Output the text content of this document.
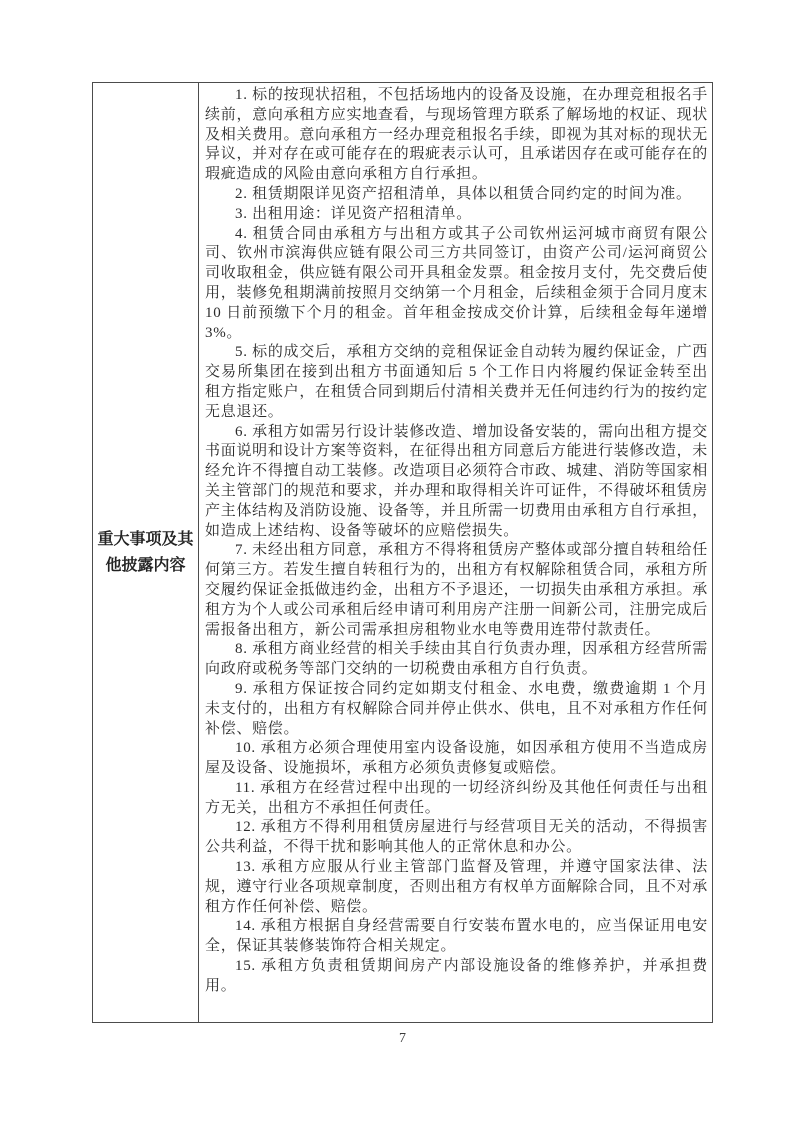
重大事项及其他披露内容

1. 标的按现状招租，不包括场地内的设备及设施，在办理竞租报名手续前，意向承租方应实地查看，与现场管理方联系了解场地的权证、现状及相关费用。意向承租方一经办理竞租报名手续，即视为其对标的现状无异议，并对存在或可能存在的瑕疵表示认可，且承诺因存在或可能存在的瑕疵造成的风险由意向承租方自行承担。

2. 租赁期限详见资产招租清单，具体以租赁合同约定的时间为准。

3. 出租用途：详见资产招租清单。

4. 租赁合同由承租方与出租方或其子公司钦州运河城市商贸有限公司、钦州市滨海供应链有限公司三方共同签订，由资产公司/运河商贸公司收取租金，供应链有限公司开具租金发票。租金按月支付，先交费后使用，装修免租期满前按照月交纳第一个月租金，后续租金须于合同月度末 10 日前预缴下个月的租金。首年租金按成交价计算，后续租金每年递增 3%。

5. 标的成交后，承租方交纳的竞租保证金自动转为履约保证金，广西交易所集团在接到出租方书面通知后 5 个工作日内将履约保证金转至出租方指定账户，在租赁合同到期后付清相关费并无任何违约行为的按约定无息退还。

6. 承租方如需另行设计装修改造、增加设备安装的，需向出租方提交书面说明和设计方案等资料，在征得出租方同意后方能进行装修改造，未经允许不得擅自动工装修。改造项目必须符合市政、城建、消防等国家相关主管部门的规范和要求，并办理和取得相关许可证件，不得破坏租赁房产主体结构及消防设施、设备等，并且所需一切费用由承租方自行承担，如造成上述结构、设备等破坏的应赔偿损失。

7. 未经出租方同意，承租方不得将租赁房产整体或部分擅自转租给任何第三方。若发生擅自转租行为的，出租方有权解除租赁合同，承租方所交履约保证金抵做违约金，出租方不予退还，一切损失由承租方承担。承租方为个人或公司承租后经申请可利用房产注册一间新公司，注册完成后需报备出租方，新公司需承担房租物业水电等费用连带付款责任。

8. 承租方商业经营的相关手续由其自行负责办理，因承租方经营所需向政府或税务等部门交纳的一切税费由承租方自行负责。

9. 承租方保证按合同约定如期支付租金、水电费，缴费逾期 1 个月未支付的，出租方有权解除合同并停止供水、供电，且不对承租方作任何补偿、赔偿。

10. 承租方必须合理使用室内设备设施，如因承租方使用不当造成房屋及设备、设施损坏，承租方必须负责修复或赔偿。

11. 承租方在经营过程中出现的一切经济纠纷及其他任何责任与出租方无关，出租方不承担任何责任。

12. 承租方不得利用租赁房屋进行与经营项目无关的活动，不得损害公共利益，不得干扰和影响其他人的正常休息和办公。

13. 承租方应服从行业主管部门监督及管理，并遵守国家法律、法规，遵守行业各项规章制度，否则出租方有权单方面解除合同，且不对承租方作任何补偿、赔偿。

14. 承租方根据自身经营需要自行安装布置水电的，应当保证用电安全，保证其装修装饰符合相关规定。

15. 承租方负责租赁期间房产内部设施设备的维修养护，并承担费用。

7
